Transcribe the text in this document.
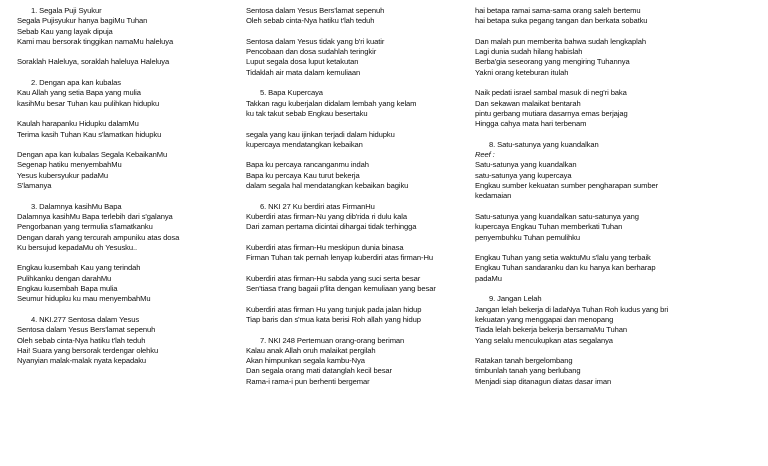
1. Segala Puji Syukur
Segala Pujisyukur hanya bagiMu Tuhan
Sebab Kau yang layak dipuja
Kami mau bersorak tinggikan namaMu haleluya
Soraklah Haleluya, soraklah haleluya Haleluya
2. Dengan apa kan kubalas
Kau Allah yang setia Bapa yang mulia
kasihMu besar Tuhan kau pulihkan hidupku
Kaulah harapanku Hidupku dalamMu
Terima kasih Tuhan Kau s'lamatkan hidupku
Dengan apa kan kubalas Segala KebaikanMu
Segenap hatiku menyembahMu
Yesus kubersyukur padaMu
S'lamanya
3. Dalamnya kasihMu Bapa
Dalamnya kasihMu Bapa terlebih dari s'galanya
Pengorbanan yang termulia s'lamatkanku
Dengan darah yang tercurah ampuniku atas dosa
Ku bersujud kepadaMu oh Yesusku..
Engkau kusembah Kau yang terindah
Pulihkanku dengan darahMu
Engkau kusembah Bapa mulia
Seumur hidupku ku mau menyembahMu
4. NKI.277 Sentosa dalam Yesus
Sentosa dalam Yesus Bers'lamat sepenuh
Oleh sebab cinta-Nya hatiku t'lah teduh
Hai! Suara yang bersorak terdengar olehku
Nyanyian malak-malak nyata kepadaku
Sentosa dalam Yesus Bers'lamat sepenuh
Oleh sebab cinta-Nya hatiku t'lah teduh
Sentosa dalam Yesus tidak yang b'ri kuatir
Pencobaan dan dosa sudahlah teringkir
Luput segala dosa luput ketakutan
Tidaklah air mata dalam kemuliaan
5. Bapa Kupercaya
Takkan ragu kuberjalan didalam lembah yang kelam
ku tak takut sebab Engkau besertaku
segala yang kau ijinkan terjadi dalam hidupku
kupercaya mendatangkan kebaikan
Bapa ku percaya rancanganmu indah
Bapa ku percaya Kau turut bekerja
dalam segala hal mendatangkan kebaikan bagiku
6. NKI 27 Ku berdiri atas FirmanHu
Kuberdiri atas firman-Nu yang dib'rida ri dulu kala
Dari zaman pertama dicintai dihargai tidak terhingga
Kuberdiri atas firman-Hu meskipun dunia binasa
Firman Tuhan tak pernah lenyap kuberdiri atas firman-Hu
Kuberdiri atas firman-Hu sabda yang suci serta besar
Sen'tiasa t'rang bagaii p'lita dengan kemuliaan yang besar
Kuberdiri atas firman Hu yang tunjuk pada jalan hidup
Tiap baris dan s'mua kata berisi Roh allah yang hidup
7. NKI 248 Pertemuan orang-orang beriman
Kalau anak Allah oruh malaikat pergilah
Akan himpunkan segala kambu-Nya
Dan segala orang mati datanglah kecil besar
Rama-i rama-i pun berhenti bergemar
hai betapa ramai sama-sama orang saleh bertemu
hai betapa suka pegang tangan dan berkata sobatku
Dan malah pun memberita bahwa sudah lengkaplah
Lagi dunia sudah hilang habislah
Berba'gia seseorang yang mengiring Tuhannya
Yakni orang keteburan itulah
Naik pedati israel sambal masuk di neg'ri baka
Dan sekawan malaikat bentarah
pintu gerbang mutiara dasarnya emas berjajag
Hingga cahya mata hari terbenam
8. Satu-satunya yang kuandalkan
Reef :
Satu-satunya yang kuandalkan
satu-satunya yang kupercaya
Engkau sumber kekuatan sumber pengharapan sumber
kedamaian
Satu-satunya yang kuandalkan satu-satunya yang
kupercaya Engkau Tuhan memberkati Tuhan
penyembuhku Tuhan pemulihku
Engkau Tuhan yang setia waktuMu s'lalu yang terbaik
Engkau Tuhan sandaranku dan ku hanya kan berharap
padaMu
9. Jangan Lelah
Jangan lelah bekerja di ladaNya Tuhan Roh kudus yang bri
kekuatan yang menggapai dan menopang
Tiada lelah bekerja bekerja bersamaMu Tuhan
Yang selalu mencukupkan atas segalanya
Ratakan tanah bergelombang
timbunlah tanah yang berlubang
Menjadi siap ditanagun diatas dasar iman
